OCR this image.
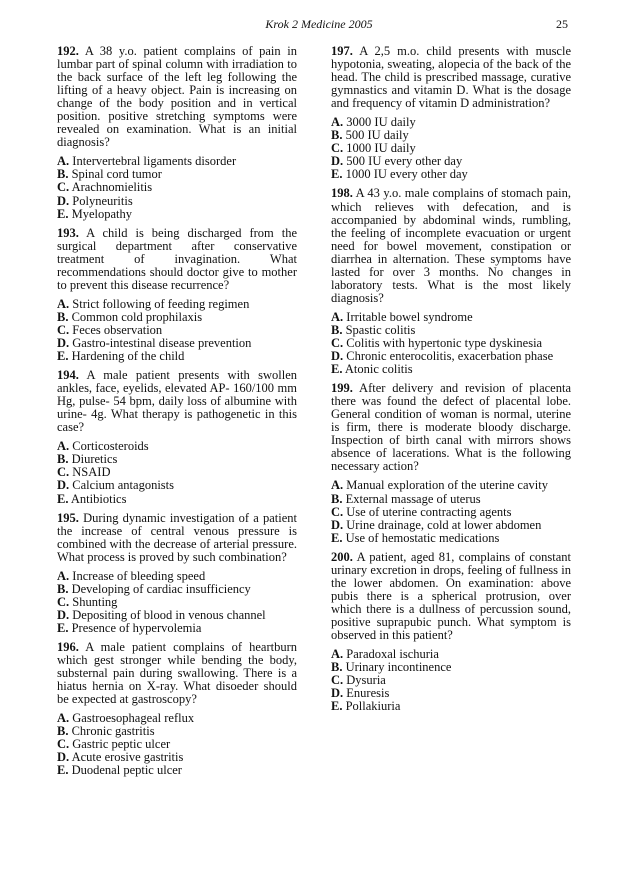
Krok 2 Medicine 2005	25

192. A 38 y.o. patient complains of pain in lumbar part of spinal column with irradiation to the back surface of the left leg following the lifting of a heavy object. Pain is increasing on change of the body position and in vertical position. positive stretching symptoms were revealed on examination. What is an initial diagnosis?

A. Intervertebral ligaments disorder

B. Spinal cord tumor

C. Arachnomielitis

D. Polyneuritis

E. Myelopathy

193. A child is being discharged from the surgical department after conservative treatment of invagination. What recommendations should doctor give to mother to prevent this disease recurrence?

A. Strict following of feeding regimen

B. Common cold prophilaxis

C. Feces observation

D. Gastro-intestinal disease prevention

E. Hardening of the child

194. A male patient presents with swollen ankles, face, eyelids, elevated AP- 160/100 mm Hg, pulse- 54 bpm, daily loss of albumine with urine- 4g. What therapy is pathogenetic in this case?

A. Corticosteroids

B. Diuretics

C. NSAID

D. Calcium antagonists

E. Antibiotics

195. During dynamic investigation of a patient the increase of central venous pressure is combined with the decrease of arterial pressure. What process is proved by such combination?

A. Increase of bleeding speed

B. Developing of cardiac insufficiency

C. Shunting

D. Depositing of blood in venous channel

E. Presence of hypervolemia

196. A male patient complains of heartburn which gest stronger while bending the body, substernal pain during swallowing. There is a hiatus hernia on X-ray. What disoeder should be expected at gastroscopy?

A. Gastroesophageal reflux

B. Chronic gastritis

C. Gastric peptic ulcer

D. Acute erosive gastritis

E. Duodenal peptic ulcer

197. A 2,5 m.o. child presents with muscle hypotonia, sweating, alopecia of the back of the head. The child is prescribed massage, curative gymnastics and vitamin D. What is the dosage and frequency of vitamin D administration?

A. 3000 IU daily

B. 500 IU daily

C. 1000 IU daily

D. 500 IU every other day

E. 1000 IU every other day

198. A 43 y.o. male complains of stomach pain, which relieves with defecation, and is accompanied by abdominal winds, rumbling, the feeling of incomplete evacuation or urgent need for bowel movement, constipation or diarrhea in alternation. These symptoms have lasted for over 3 months. No changes in laboratory tests. What is the most likely diagnosis?

A. Irritable bowel syndrome

B. Spastic colitis

C. Colitis with hypertonic type dyskinesia

D. Chronic enterocolitis, exacerbation phase

E. Atonic colitis

199. After delivery and revision of placenta there was found the defect of placental lobe. General condition of woman is normal, uterine is firm, there is moderate bloody discharge. Inspection of birth canal with mirrors shows absence of lacerations. What is the following necessary action?

A. Manual exploration of the uterine cavity

B. External massage of uterus

C. Use of uterine contracting agents

D. Urine drainage, cold at lower abdomen

E. Use of hemostatic medications

200. A patient, aged 81, complains of constant urinary excretion in drops, feeling of fullness in the lower abdomen. On examination: above pubis there is a spherical protrusion, over which there is a dullness of percussion sound, positive suprapubic punch. What symptom is observed in this patient?

A. Paradoxal ischuria

B. Urinary incontinence

C. Dysuria

D. Enuresis

E. Pollakiuria
